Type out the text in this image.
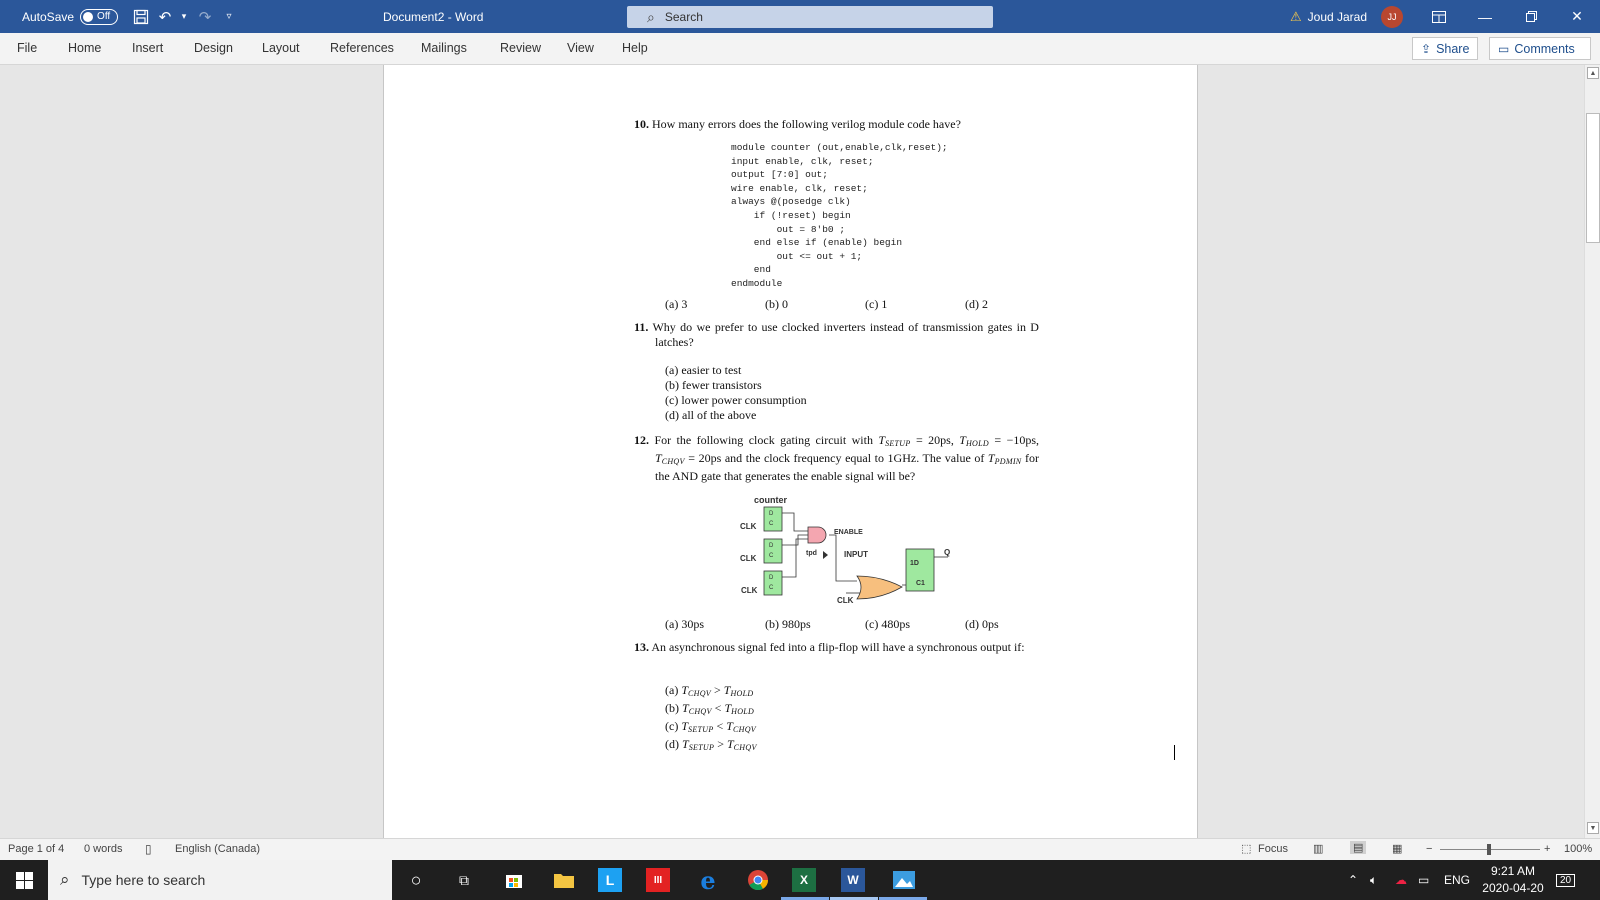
AutoSave Off	↶	▾ ↷	▿	Document2 - Word	⌕ Search	⚠ Joud Jarad	JJ	—	✕
File Home Insert Design Layout References Mailings	Review View Help	⇪ Share ▭ Comments
10. How many errors does the following verilog module code have?
module counter (out,enable,clk,reset);
input enable, clk, reset;
output [7:0] out;
wire enable, clk, reset;
always @(posedge clk)
if (!reset) begin
out = 8'b0 ;
end else if (enable) begin
out <= out + 1;
end
endmodule
(a) 3	(b) 0	(c) 1	(d) 2
11. Why do we prefer to use clocked inverters instead of transmission gates in D latches?
(a) easier to test
(b) fewer transistors
(c) lower power consumption
(d) all of the above
12. For the following clock gating circuit with $T_{SETUP} = 20ps$, $T_{HOLD} = -10ps$, $T_{CHQV} = 20ps$ and the clock frequency equal to 1GHz. The value of $T_{PDMIN}$ for the AND gate that generates the enable signal will be?
counter
D
C
D
C
D
C
CLK
CLK
CLK
ENABLE
tpd	INPUT
CLK
1D
C1
Q
(a) 30ps	(b) 980ps	(c) 480ps	(d) 0ps
13. An asynchronous signal fed into a flip-flop will have a synchronous output if:
(a) $T_{CHQV} > T_{HOLD}$
(b) $T_{CHQV} < T_{HOLD}$
(c) $T_{SETUP} < T_{CHQV}$
(d) $T_{SETUP} > T_{CHQV}$
▲
▼
Page 1 of 4 0 words ▯ English (Canada)	⬚ Focus ▥	▤	▦ −	+ 100%
⌕ Type here to search	○	⧉	L	III	e	X	W	⌃ 🔈︎ ☁︎ ▭ ENG
9:21 AM
2020-04-20
20
